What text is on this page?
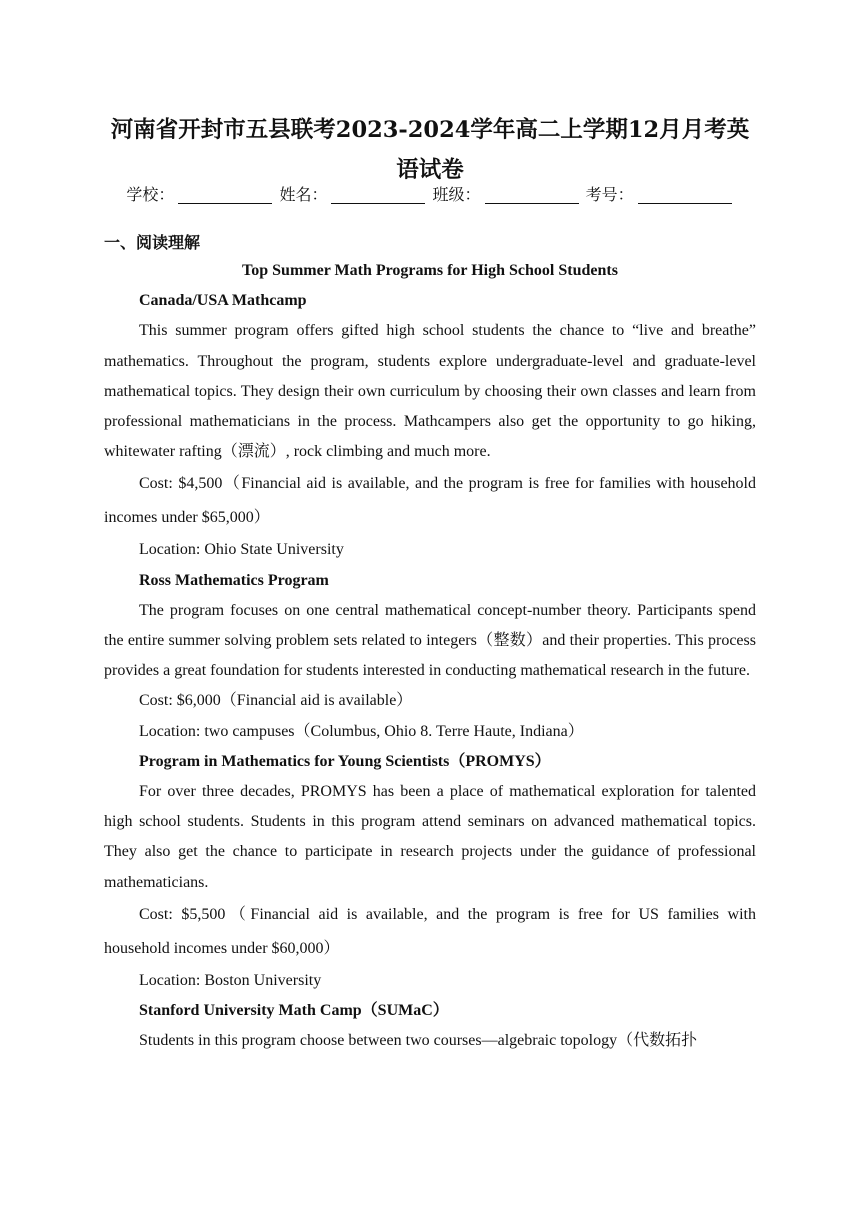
河南省开封市五县联考2023-2024学年高二上学期12月月考英语试卷
学校：	姓名：	班级：	考号：
一、阅读理解

Top Summer Math Programs for High School Students

Canada/USA Mathcamp

This summer program offers gifted high school students the chance to “live and breathe” mathematics. Throughout the program, students explore undergraduate-level and graduate-level mathematical topics. They design their own curriculum by choosing their own classes and learn from professional mathematicians in the process. Mathcampers also get the opportunity to go hiking, whitewater rafting（漂流）, rock climbing and much more.

Cost: $4,500（Financial aid is available, and the program is free for families with household incomes under $65,000）

Location: Ohio State University

Ross Mathematics Program

The program focuses on one central mathematical concept-number theory. Participants spend the entire summer solving problem sets related to integers（整数）and their properties. This process provides a great foundation for students interested in conducting mathematical research in the future.

Cost: $6,000（Financial aid is available）

Location: two campuses（Columbus, Ohio 8. Terre Haute, Indiana）

Program in Mathematics for Young Scientists（PROMYS）

For over three decades, PROMYS has been a place of mathematical exploration for talented high school students. Students in this program attend seminars on advanced mathematical topics. They also get the chance to participate in research projects under the guidance of professional mathematicians.

Cost: $5,500（Financial aid is available, and the program is free for US families with household incomes under $60,000）

Location: Boston University

Stanford University Math Camp（SUMaC）

Students in this program choose between two courses—algebraic topology（代数拓扑
